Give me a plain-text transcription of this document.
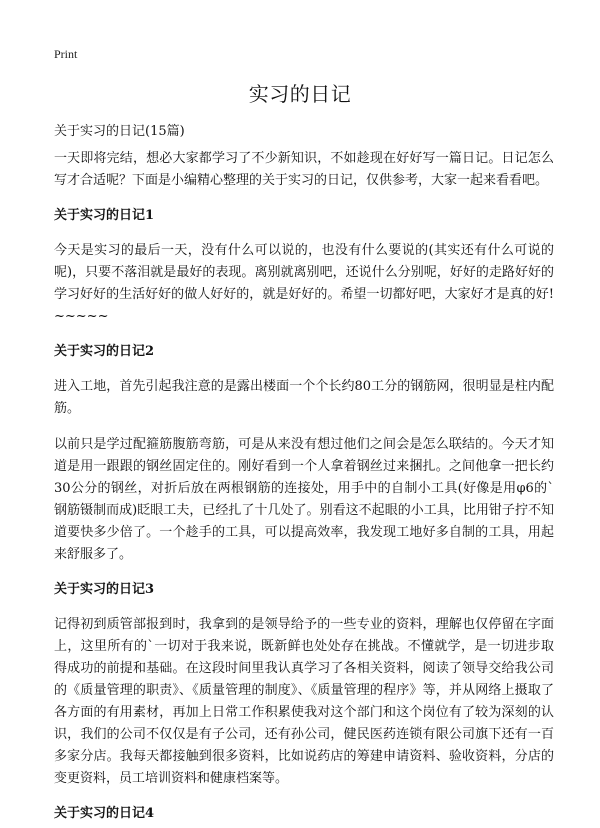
Print
实习的日记

关于实习的日记(15篇)

一天即将完结，想必大家都学习了不少新知识，不如趁现在好好写一篇日记。日记怎么写才合适呢？下面是小编精心整理的关于实习的日记，仅供参考，大家一起来看看吧。

关于实习的日记1

今天是实习的最后一天，没有什么可以说的，也没有什么要说的(其实还有什么可说的呢)，只要不落泪就是最好的表现。离别就离别吧，还说什么分别呢，好好的走路好好的学习好好的生活好好的做人好好的，就是好好的。希望一切都好吧，大家好才是真的好!~~~~~

关于实习的日记2

进入工地，首先引起我注意的是露出楼面一个个长约80工分的钢筋网，很明显是柱内配筋。

以前只是学过配箍筋腹筋弯筋，可是从来没有想过他们之间会是怎么联结的。今天才知道是用一跟跟的钢丝固定住的。刚好看到一个人拿着钢丝过来捆扎。之间他拿一把长约30公分的钢丝，对折后放在两根钢筋的连接处，用手中的自制小工具(好像是用φ6的`钢筋镊制而成)眨眼工夫，已经扎了十几处了。别看这不起眼的小工具，比用钳子拧不知道要快多少倍了。一个趁手的工具，可以提高效率，我发现工地好多自制的工具，用起来舒服多了。

关于实习的日记3

记得初到质管部报到时，我拿到的是领导给予的一些专业的资料，理解也仅停留在字面上，这里所有的`一切对于我来说，既新鲜也处处存在挑战。不懂就学，是一切进步取得成功的前提和基础。在这段时间里我认真学习了各相关资料，阅读了领导交给我公司的《质量管理的职责》、《质量管理的制度》、《质量管理的程序》等，并从网络上摄取了各方面的有用素材，再加上日常工作积累使我对这个部门和这个岗位有了较为深刻的认识，我们的公司不仅仅是有子公司，还有孙公司，健民医药连锁有限公司旗下还有一百多家分店。我每天都接触到很多资料，比如说药店的筹建申请资料、验收资料，分店的变更资料，员工培训资料和健康档案等。

关于实习的日记4
